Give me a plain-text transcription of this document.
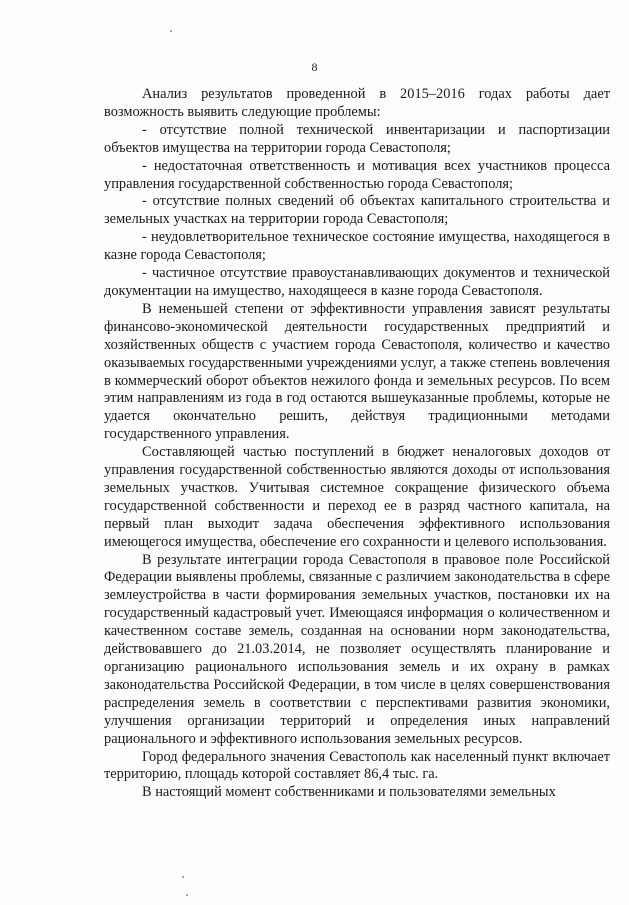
8

Анализ результатов проведенной в 2015–2016 годах работы дает возможность выявить следующие проблемы:

- отсутствие полной технической инвентаризации и паспортизации объектов имущества на территории города Севастополя;

- недостаточная ответственность и мотивация всех участников процесса управления государственной собственностью города Севастополя;

- отсутствие полных сведений об объектах капитального строительства и земельных участках на территории города Севастополя;

- неудовлетворительное техническое состояние имущества, находящегося в казне города Севастополя;

- частичное отсутствие правоустанавливающих документов и технической документации на имущество, находящееся в казне города Севастополя.

В неменьшей степени от эффективности управления зависят результаты финансово-экономической деятельности государственных предприятий и хозяйственных обществ с участием города Севастополя, количество и качество оказываемых государственными учреждениями услуг, а также степень вовлечения в коммерческий оборот объектов нежилого фонда и земельных ресурсов. По всем этим направлениям из года в год остаются вышеуказанные проблемы, которые не удается окончательно решить, действуя традиционными методами государственного управления.

Составляющей частью поступлений в бюджет неналоговых доходов от управления государственной собственностью являются доходы от использования земельных участков. Учитывая системное сокращение физического объема государственной собственности и переход ее в разряд частного капитала, на первый план выходит задача обеспечения эффективного использования имеющегося имущества, обеспечение его сохранности и целевого использования.

В результате интеграции города Севастополя в правовое поле Российской Федерации выявлены проблемы, связанные с различием законодательства в сфере землеустройства в части формирования земельных участков, постановки их на государственный кадастровый учет. Имеющаяся информация о количественном и качественном составе земель, созданная на основании норм законодательства, действовавшего до 21.03.2014, не позволяет осуществлять планирование и организацию рационального использования земель и их охрану в рамках законодательства Российской Федерации, в том числе в целях совершенствования распределения земель в соответствии с перспективами развития экономики, улучшения организации территорий и определения иных направлений рационального и эффективного использования земельных ресурсов.

Город федерального значения Севастополь как населенный пункт включает территорию, площадь которой составляет 86,4 тыс. га.

В настоящий момент собственниками и пользователями земельных
